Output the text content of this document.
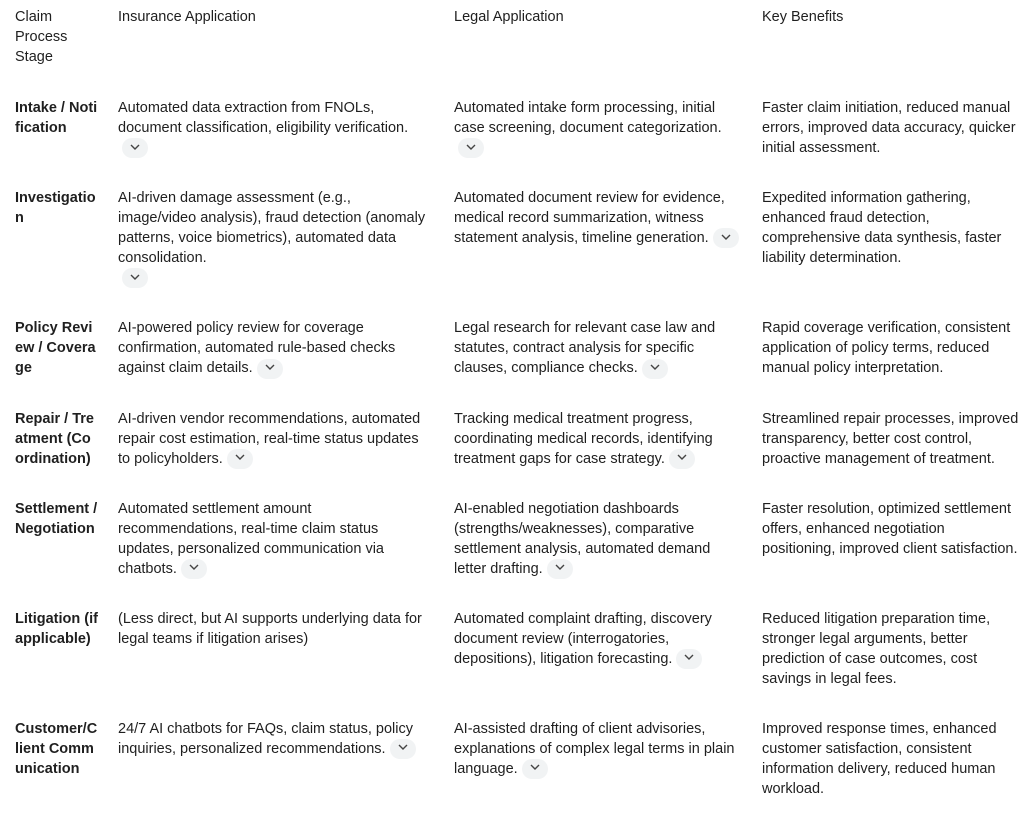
Claim Process Stage	Insurance Application	Legal Application	Key Benefits
Intake / Notification	Automated data extraction from FNOLs, document classification, eligibility verification.	Automated intake form processing, initial case screening, document categorization.	Faster claim initiation, reduced manual errors, improved data accuracy, quicker initial assessment.
Investigation	AI-driven damage assessment (e.g., image/video analysis), fraud detection (anomaly patterns, voice biometrics), automated data consolidation.	Automated document review for evidence, medical record summarization, witness statement analysis, timeline generation.	Expedited information gathering, enhanced fraud detection, comprehensive data synthesis, faster liability determination.
Policy Review / Coverage	AI-powered policy review for coverage confirmation, automated rule-based checks against claim details.	Legal research for relevant case law and statutes, contract analysis for specific clauses, compliance checks.	Rapid coverage verification, consistent application of policy terms, reduced manual policy interpretation.
Repair / Treatment (Coordination)	AI-driven vendor recommendations, automated repair cost estimation, real-time status updates to policyholders.	Tracking medical treatment progress, coordinating medical records, identifying treatment gaps for case strategy.	Streamlined repair processes, improved transparency, better cost control, proactive management of treatment.
Settlement / Negotiation	Automated settlement amount recommendations, real-time claim status updates, personalized communication via chatbots.	AI-enabled negotiation dashboards (strengths/weaknesses), comparative settlement analysis, automated demand letter drafting.	Faster resolution, optimized settlement offers, enhanced negotiation positioning, improved client satisfaction.
Litigation (if applicable)	(Less direct, but AI supports underlying data for legal teams if litigation arises)	Automated complaint drafting, discovery document review (interrogatories, depositions), litigation forecasting.	Reduced litigation preparation time, stronger legal arguments, better prediction of case outcomes, cost savings in legal fees.
Customer/Client Communication	24/7 AI chatbots for FAQs, claim status, policy inquiries, personalized recommendations.	AI-assisted drafting of client advisories, explanations of complex legal terms in plain language.	Improved response times, enhanced customer satisfaction, consistent information delivery, reduced human workload.
